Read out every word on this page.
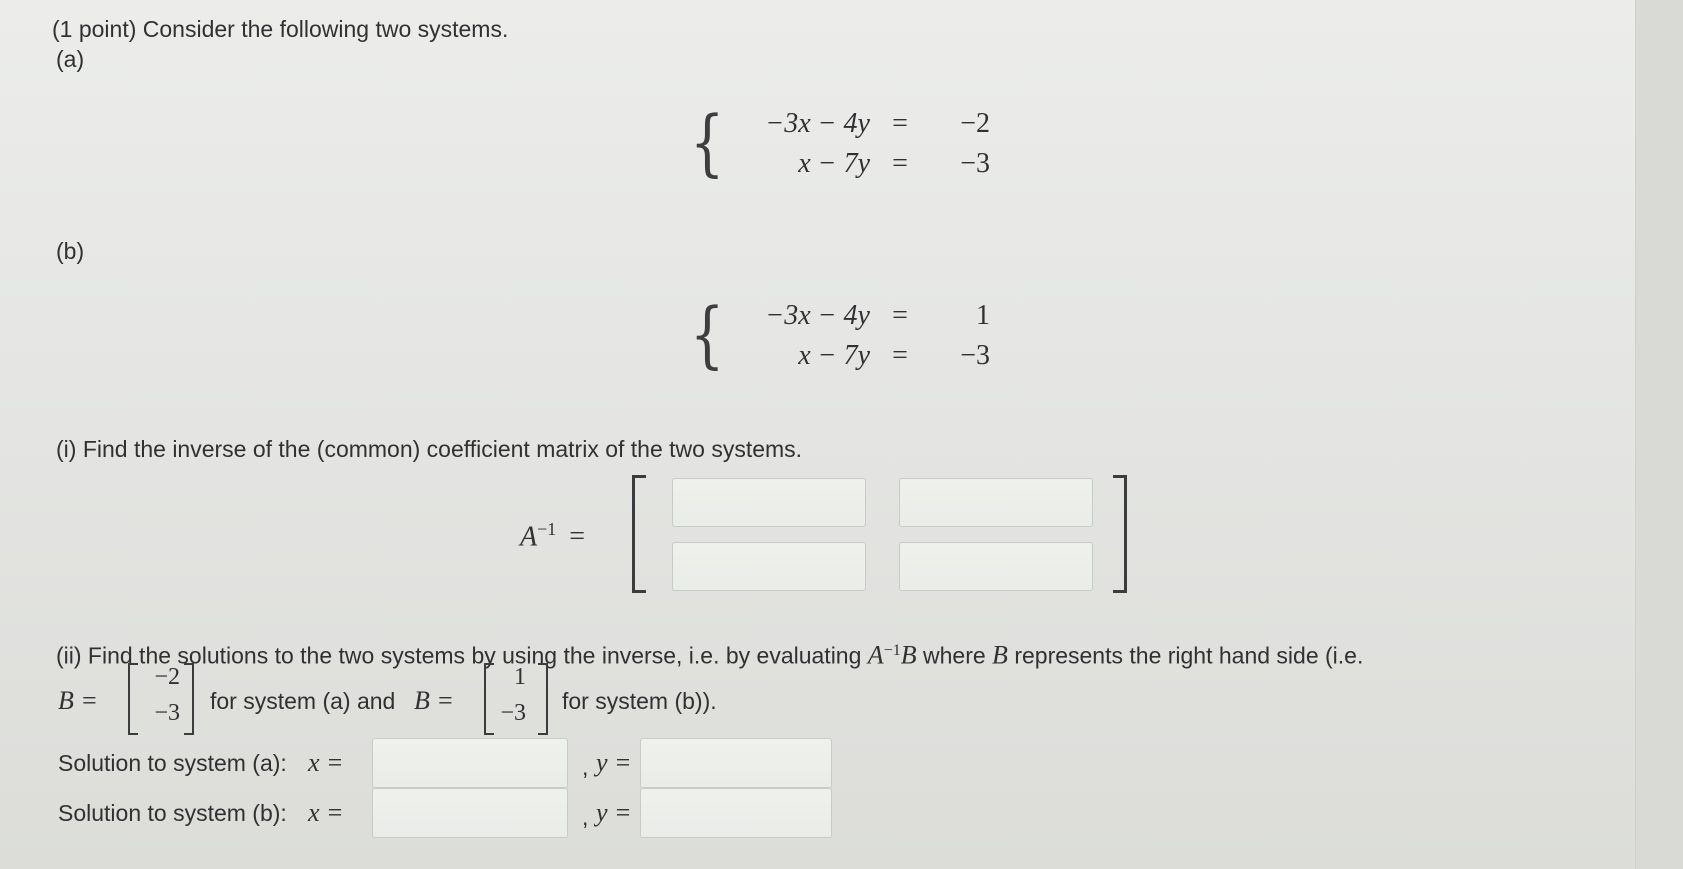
(1 point) Consider the following two systems.
(a)
{	−3x − 4y = −2
x − 7y = −3
(b)
{	−3x − 4y = 1
x − 7y = −3
(i) Find the inverse of the (common) coefficient matrix of the two systems.
$A^{-1}$ =
(ii) Find the solutions to the two systems by using the inverse, i.e. by evaluating $A^{-1}B$ where B represents the right hand side (i.e.
B =
−2
−3 for system (a) and B =
1
−3 for system (b)).
Solution to system (a): x =	, y =
Solution to system (b): x =	, y =
